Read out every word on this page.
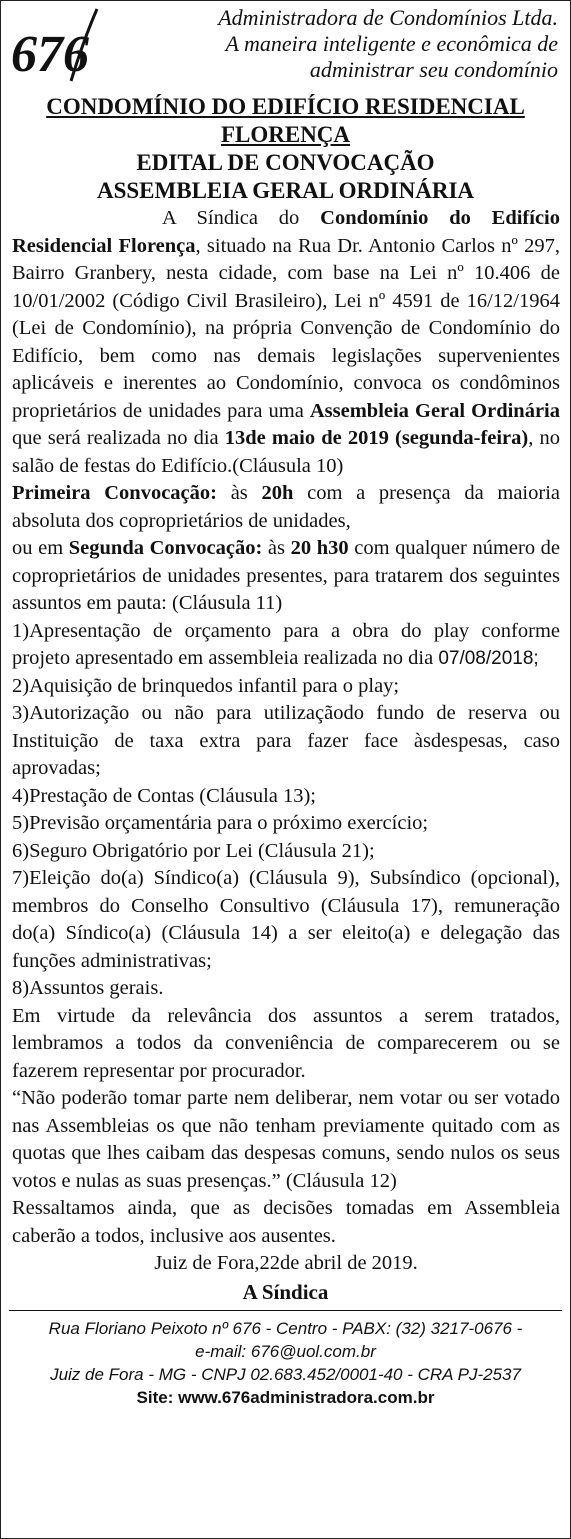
676
Administradora de Condomínios Ltda.
A maneira inteligente e econômica de
administrar seu condomínio
CONDOMÍNIO DO EDIFÍCIO RESIDENCIAL
FLORENÇA
EDITAL DE CONVOCAÇÃO
ASSEMBLEIA GERAL ORDINÁRIA

A Síndica do Condomínio do Edifício Residencial Florença, situado na Rua Dr. Antonio Carlos nº 297, Bairro Granbery, nesta cidade, com base na Lei nº 10.406 de 10/01/2002 (Código Civil Brasileiro), Lei nº 4591 de 16/12/1964 (Lei de Condomínio), na própria Convenção de Condomínio do Edifício, bem como nas demais legislações supervenientes aplicáveis e inerentes ao Condomínio, convoca os condôminos proprietários de unidades para uma Assembleia Geral Ordinária que será realizada no dia 13de maio de 2019 (segunda-feira), no salão de festas do Edifício.(Cláusula 10)

Primeira Convocação: às 20h com a presença da maioria absoluta dos coproprietários de unidades,

ou em Segunda Convocação: às 20 h30 com qualquer número de coproprietários de unidades presentes, para tratarem dos seguintes assuntos em pauta: (Cláusula 11)

1)Apresentação de orçamento para a obra do play conforme projeto apresentado em assembleia realizada no dia 07/08/2018;

2)Aquisição de brinquedos infantil para o play;

3)Autorização ou não para utilizaçãodo fundo de reserva ou Instituição de taxa extra para fazer face àsdespesas, caso aprovadas;

4)Prestação de Contas (Cláusula 13);

5)Previsão orçamentária para o próximo exercício;

6)Seguro Obrigatório por Lei (Cláusula 21);

7)Eleição do(a) Síndico(a) (Cláusula 9), Subsíndico (opcional), membros do Conselho Consultivo (Cláusula 17), remuneração do(a) Síndico(a) (Cláusula 14) a ser eleito(a) e delegação das funções administrativas;

8)Assuntos gerais.

Em virtude da relevância dos assuntos a serem tratados, lembramos a todos da conveniência de comparecerem ou se fazerem representar por procurador.

“Não poderão tomar parte nem deliberar, nem votar ou ser votado nas Assembleias os que não tenham previamente quitado com as quotas que lhes caibam das despesas comuns, sendo nulos os seus votos e nulas as suas presenças.” (Cláusula 12)

Ressaltamos ainda, que as decisões tomadas em Assembleia caberão a todos, inclusive aos ausentes.

Juiz de Fora,22de abril de 2019.

A Síndica
Rua Floriano Peixoto nº 676 - Centro - PABX: (32) 3217-0676 -
e-mail: 676@uol.com.br
Juiz de Fora - MG - CNPJ 02.683.452/0001-40 - CRA PJ-2537
Site: www.676administradora.com.br
